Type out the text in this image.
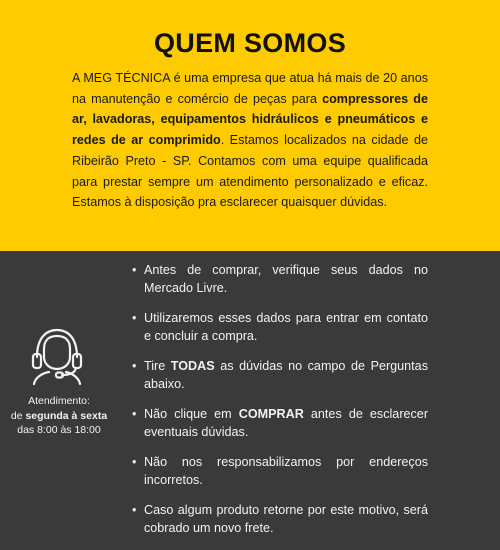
QUEM SOMOS

A MEG TÉCNICA é uma empresa que atua há mais de 20 anos na manutenção e comércio de peças para compressores de ar, lavadoras, equipamentos hidráulicos e pneumáticos e redes de ar comprimido. Estamos localizados na cidade de Ribeirão Preto - SP. Contamos com uma equipe qualificada para prestar sempre um atendimento personalizado e eficaz. Estamos à disposição pra esclarecer quaisquer dúvidas.

Atendimento:
de segunda à sexta
das 8:00 às 18:00
• Antes de comprar, verifique seus dados no Mercado Livre.
• Utilizaremos esses dados para entrar em contato e concluir a compra.
• Tire TODAS as dúvidas no campo de Perguntas abaixo.
• Não clique em COMPRAR antes de esclarecer eventuais dúvidas.
• Não nos responsabilizamos por endereços incorretos.
• Caso algum produto retorne por este motivo, será cobrado um novo frete.
